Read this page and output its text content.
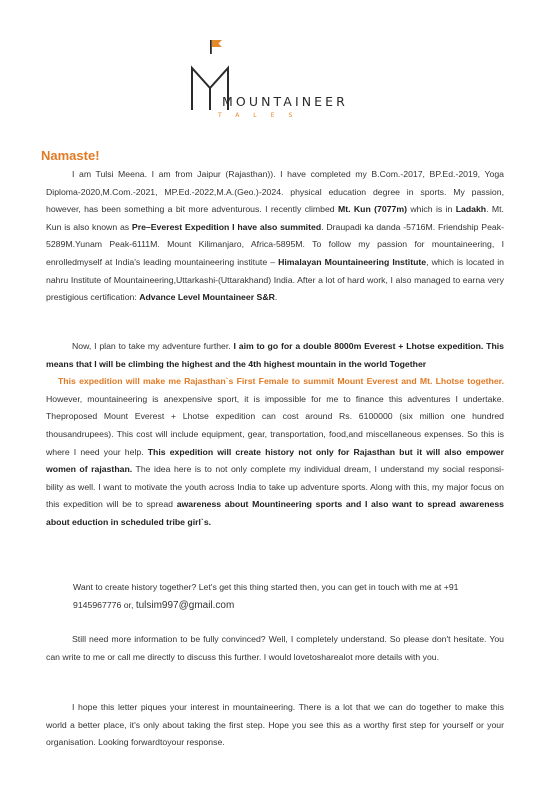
MOUNTAINEER
TALES
Namaste!
I am Tulsi Meena. I am from Jaipur (Rajasthan)). I have completed my B.Com.-2017, BP.Ed.-2019, Yoga Diploma-2020,M.Com.-2021, MP.Ed.-2022,M.A.(Geo.)-2024. physical education degree in sports. My passion, however, has been something a bit more adventurous. I recently climbed Mt. Kun (7077m) which is in Ladakh. Mt. Kun is also known as Pre–Everest Expedition I have also summited. Draupadi ka danda -5716M. Friendship Peak-5289M.Yunam Peak-6111M. Mount Kilimanjaro, Africa-5895M. To follow my passion for mountaineering, I enrolledmyself at India's leading mountaineering institute – Himalayan Mountaineering Institute, which is located in nahru Institute of Mountaineering,Uttarkashi-(Uttarakhand) India. After a lot of hard work, I also managed to earna very prestigious certification: Advance Level Mountaineer S&R.
Now, I plan to take my adventure further. I aim to go for a double 8000m Everest + Lhotse expedition. This means that I will be climbing the highest and the 4th highest mountain in the world Together
This expedition will make me Rajasthan`s First Female to summit Mount Everest and Mt. Lhotse together. However, mountaineering is anexpensive sport, it is impossible for me to finance this adventures I undertake. Theproposed Mount Everest + Lhotse expedition can cost around Rs. 6100000 (six million one hundred thousandrupees). This cost will include equipment, gear, transportation, food,and miscellaneous expenses. So this is where I need your help. This expedition will create history not only for Rajasthan but it will also empower women of rajasthan. The idea here is to not only complete my individual dream, I understand my social responsi- bility as well. I want to motivate the youth across India to take up adventure sports. Along with this, my major focus on this expedition will be to spread awareness about Mountineering sports and I also want to spread awareness about eduction in scheduled tribe girl`s.
Want to create history together? Let's get this thing started then, you can get in touch with me at +91 9145967776 or, tulsim997@gmail.com
Still need more information to be fully convinced? Well, I completely understand. So please don't hesitate. You can write to me or call me directly to discuss this further. I would lovetosharealot more details with you.
I hope this letter piques your interest in mountaineering. There is a lot that we can do together to make this world a better place, it's only about taking the first step. Hope you see this as a worthy first step for yourself or your organisation. Looking forwardtoyour response.
